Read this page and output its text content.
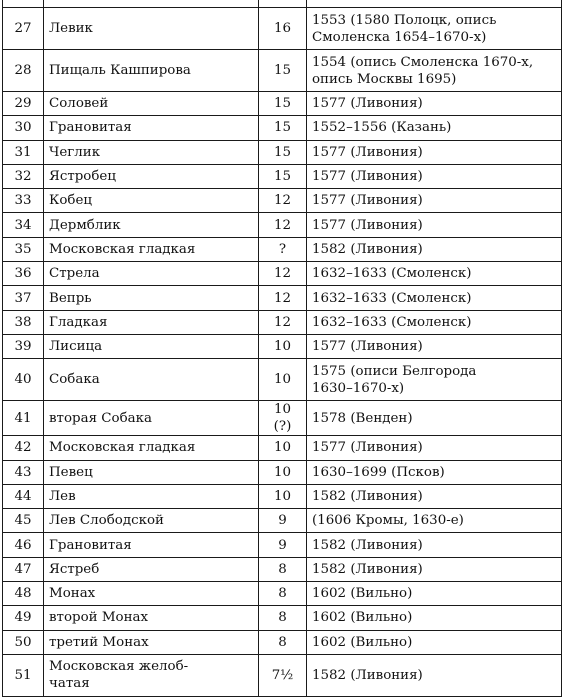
27	Левик	16	1553 (1580 Полоцк, опись
Смоленска 1654–1670-х)

28	Пищаль Кашпирова	15	1554 (опись Смоленска 1670-х,
опись Москвы 1695)

29	Соловей	15	1577 (Ливония)

30	Грановитая	15	1552–1556 (Казань)

31	Чеглик	15	1577 (Ливония)

32	Ястробец	15	1577 (Ливония)

33	Кобец	12	1577 (Ливония)

34	Дермблик	12	1577 (Ливония)

35	Московская гладкая	?	1582 (Ливония)

36	Стрела	12	1632–1633 (Смоленск)

37	Вепрь	12	1632–1633 (Смоленск)

38	Гладкая	12	1632–1633 (Смоленск)

39	Лисица	10	1577 (Ливония)

40	Собака	10	1575 (описи Белгорода
1630–1670-х)

41	вторая Собака	10 (?)	1578 (Венден)

42	Московская гладкая	10	1577 (Ливония)

43	Певец	10	1630–1699 (Псков)

44	Лев	10	1582 (Ливония)

45	Лев Слободской	9	(1606 Кромы, 1630-е)

46	Грановитая	9	1582 (Ливония)

47	Ястреб	8	1582 (Ливония)

48	Монах	8	1602 (Вильно)

49	второй Монах	8	1602 (Вильно)

50	третий Монах	8	1602 (Вильно)

51	Московская желоб-
чатая	7½	1582 (Ливония)
